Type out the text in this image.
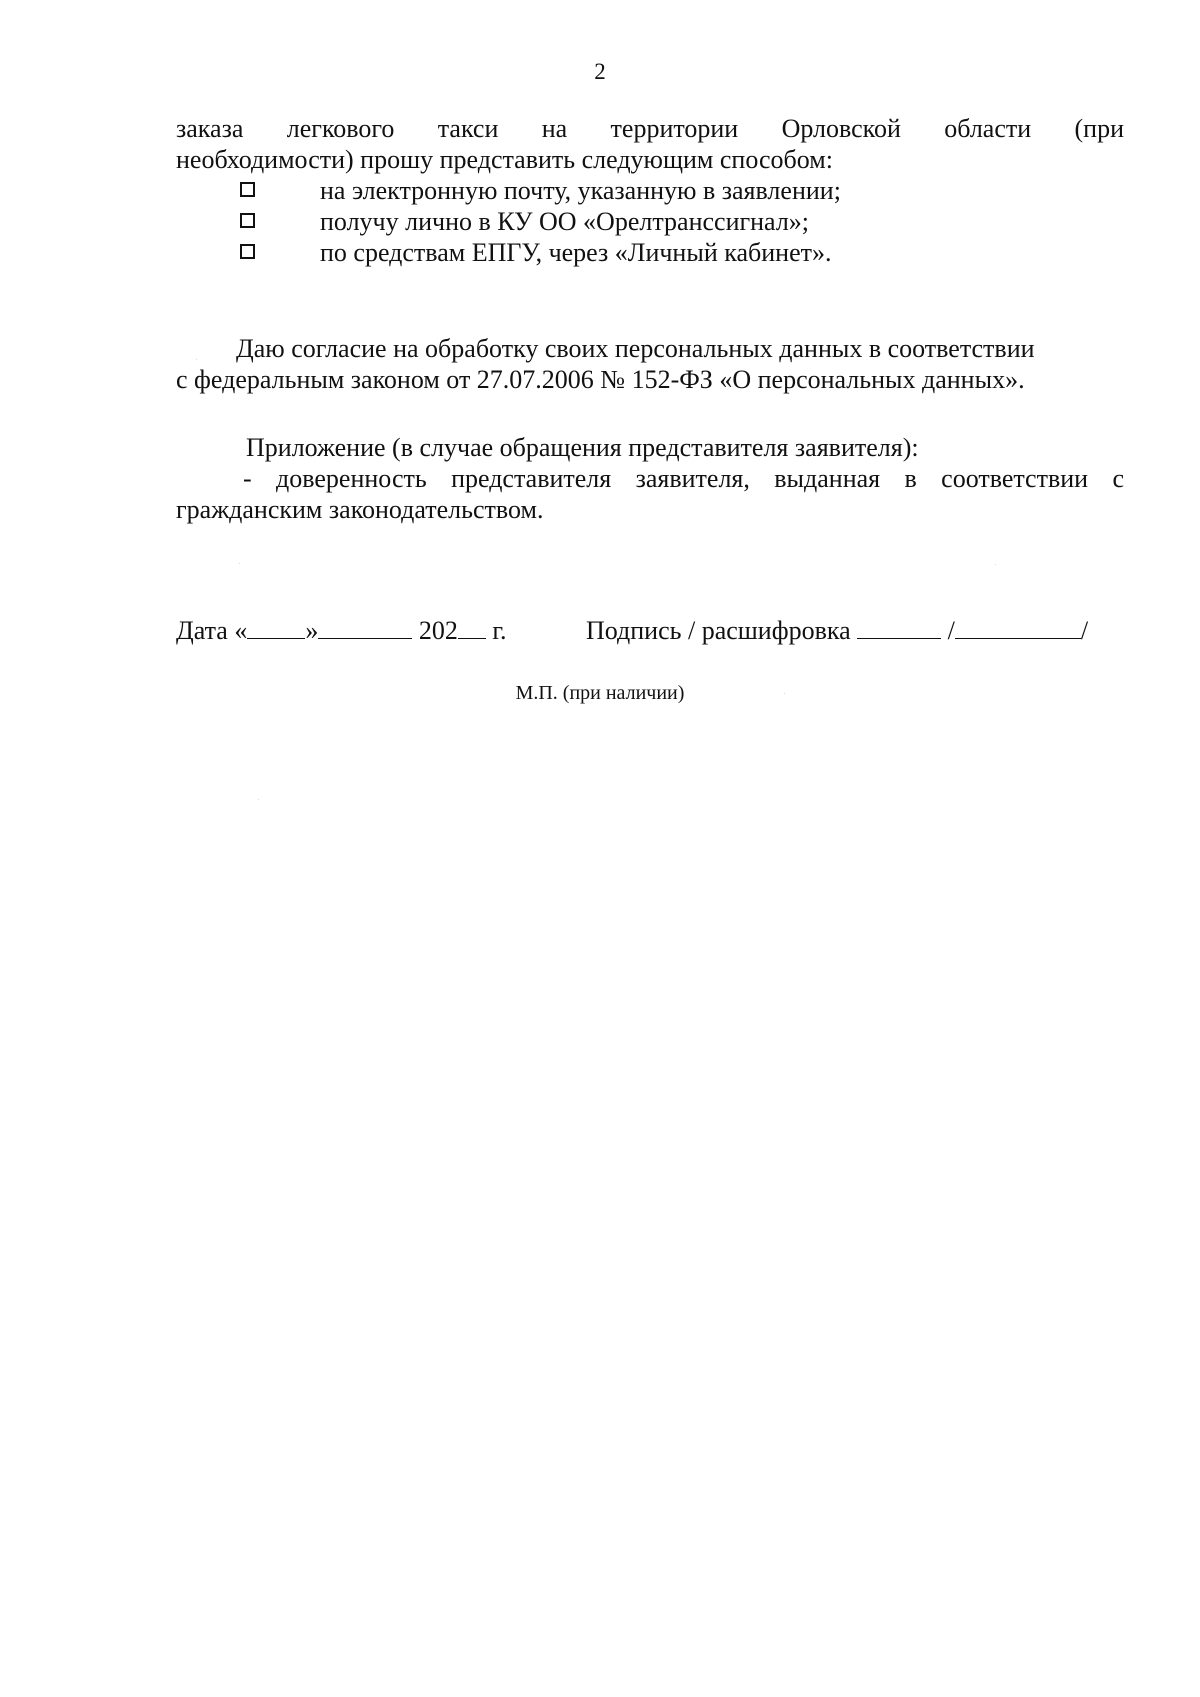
2
заказа легкового такси на территории Орловской области (при
необходимости) прошу представить следующим способом:
на электронную почту, указанную в заявлении;
получу лично в КУ ОО «Орелтранссигнал»;
по средствам ЕПГУ, через «Личный кабинет».
Даю согласие на обработку своих персональных данных в соответствии
с федеральным законом от 27.07.2006 № 152-ФЗ «О персональных данных».
Приложение (в случае обращения представителя заявителя):
- доверенность представителя заявителя, выданная в соответствии с
гражданским законодательством.
Дата « »	202 г.	Подпись / расшифровка	/	/
М.П. (при наличии)
